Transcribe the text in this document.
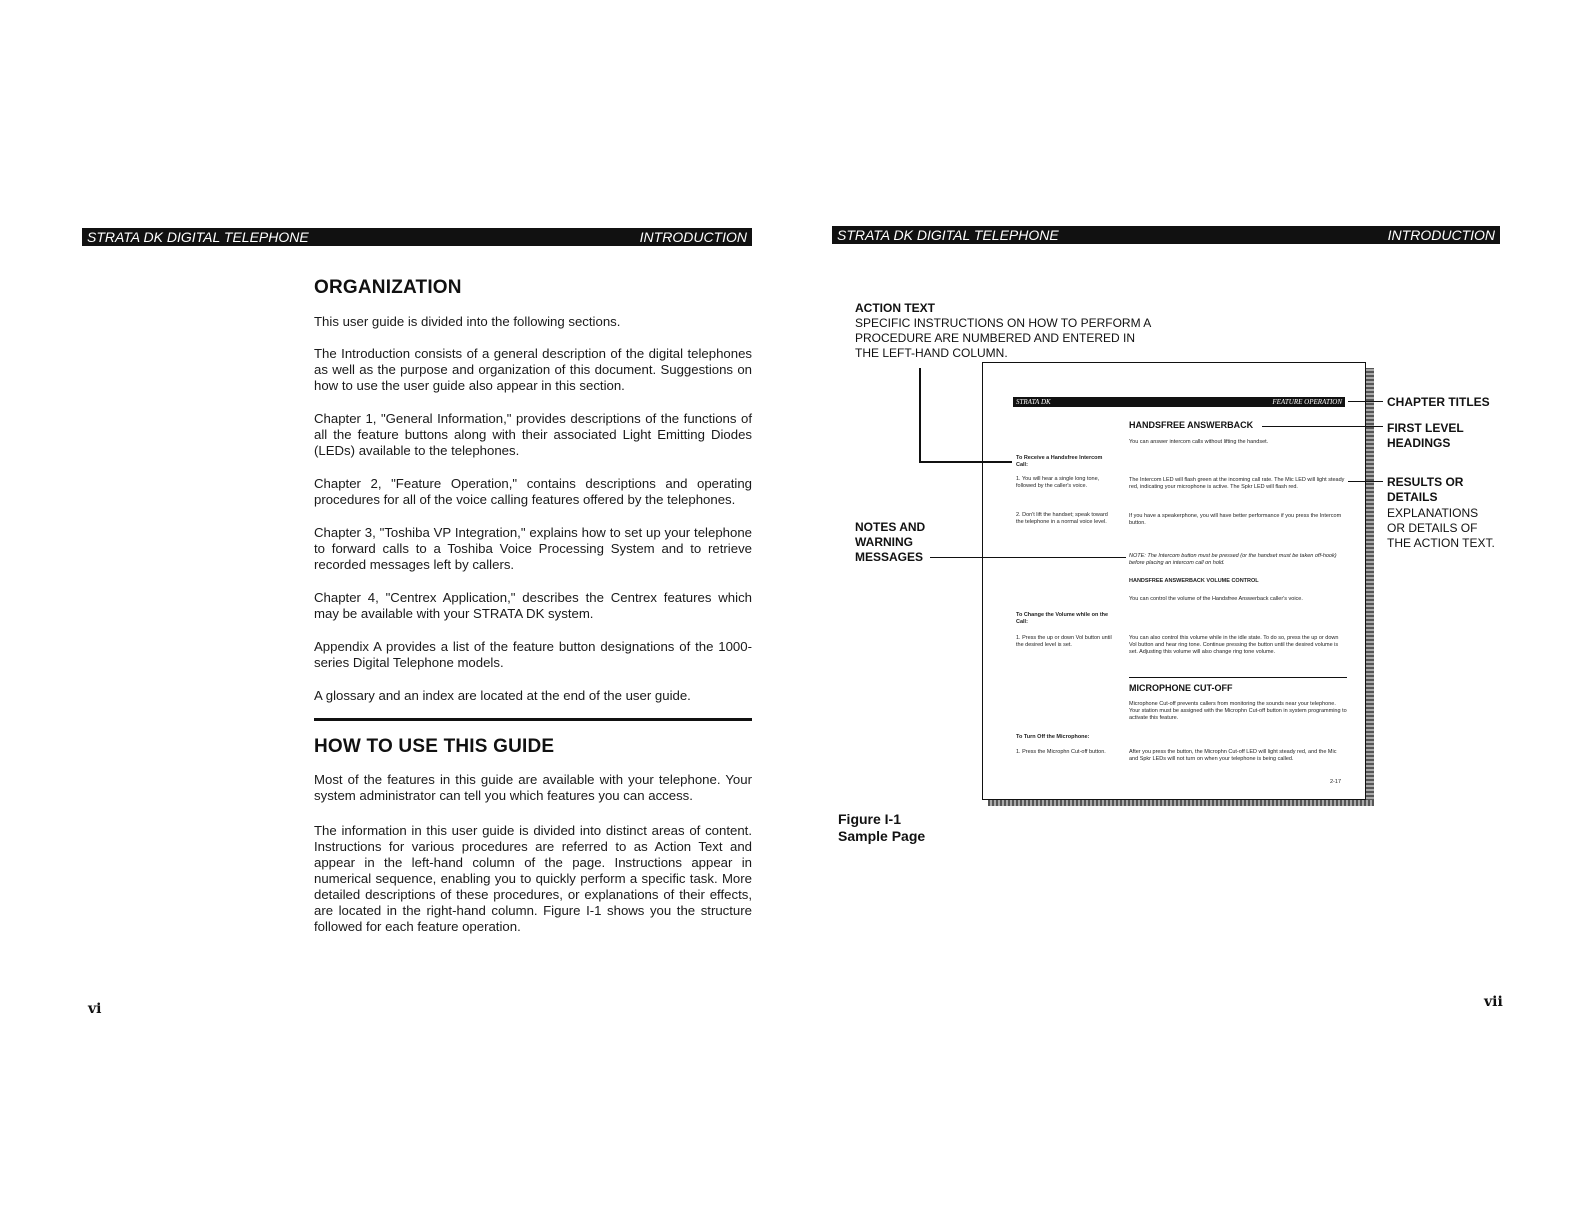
STRATA DK DIGITAL TELEPHONE	INTRODUCTION
ORGANIZATION
This user guide is divided into the following sections.
The Introduction consists of a general description of the digital telephones as well as the purpose and organization of this document. Suggestions on how to use the user guide also appear in this section.
Chapter 1, "General Information," provides descriptions of the functions of all the feature buttons along with their associated Light Emitting Diodes (LEDs) available to the telephones.
Chapter 2, "Feature Operation," contains descriptions and operating procedures for all of the voice calling features offered by the telephones.
Chapter 3, "Toshiba VP Integration," explains how to set up your telephone to forward calls to a Toshiba Voice Processing System and to retrieve recorded messages left by callers.
Chapter 4, "Centrex Application," describes the Centrex features which may be available with your STRATA DK system.
Appendix A provides a list of the feature button designations of the 1000-series Digital Telephone models.
A glossary and an index are located at the end of the user guide.
HOW TO USE THIS GUIDE
Most of the features in this guide are available with your telephone. Your system administrator can tell you which features you can access.
The information in this user guide is divided into distinct areas of content. Instructions for various procedures are referred to as Action Text and appear in the left-hand column of the page. Instructions appear in numerical sequence, enabling you to quickly perform a specific task. More detailed descriptions of these procedures, or explanations of their effects, are located in the right-hand column. Figure I-1 shows you the structure followed for each feature operation.
vi
STRATA DK DIGITAL TELEPHONE	INTRODUCTION
ACTION TEXT
SPECIFIC INSTRUCTIONS ON HOW TO PERFORM A
PROCEDURE ARE NUMBERED AND ENTERED IN
THE LEFT-HAND COLUMN.
NOTES AND
WARNING
MESSAGES
CHAPTER TITLES
FIRST LEVEL
HEADINGS
RESULTS OR
DETAILS
EXPLANATIONS
OR DETAILS OF
THE ACTION TEXT.
STRATA DK	FEATURE OPERATION
HANDSFREE ANSWERBACK
You can answer intercom calls without lifting the handset.
To Receive a Handsfree Intercom Call:
1. You will hear a single long tone, followed by the caller's voice.
2. Don't lift the handset; speak toward the telephone in a normal voice level.
The Intercom LED will flash green at the incoming call rate. The Mic LED will light steady red, indicating your microphone is active. The Spkr LED will flash red.
If you have a speakerphone, you will have better performance if you press the Intercom button.
NOTE: The Intercom button must be pressed (or the handset must be taken off-hook) before placing an intercom call on hold.
HANDSFREE ANSWERBACK VOLUME CONTROL
You can control the volume of the Handsfree Answerback caller's voice.
To Change the Volume while on the Call:
1. Press the up or down Vol button until the desired level is set.
You can also control this volume while in the idle state. To do so, press the up or down Vol button and hear ring tone. Continue pressing the button until the desired volume is set. Adjusting this volume will also change ring tone volume.
MICROPHONE CUT-OFF
Microphone Cut-off prevents callers from monitoring the sounds near your telephone. Your station must be assigned with the Microphn Cut-off button in system programming to activate this feature.
To Turn Off the Microphone:
1. Press the Microphn Cut-off button.	After you press the button, the Microphn Cut-off LED will light steady red, and the Mic and Spkr LEDs will not turn on when your telephone is being called.
2-17
Figure I-1
Sample Page
vii
